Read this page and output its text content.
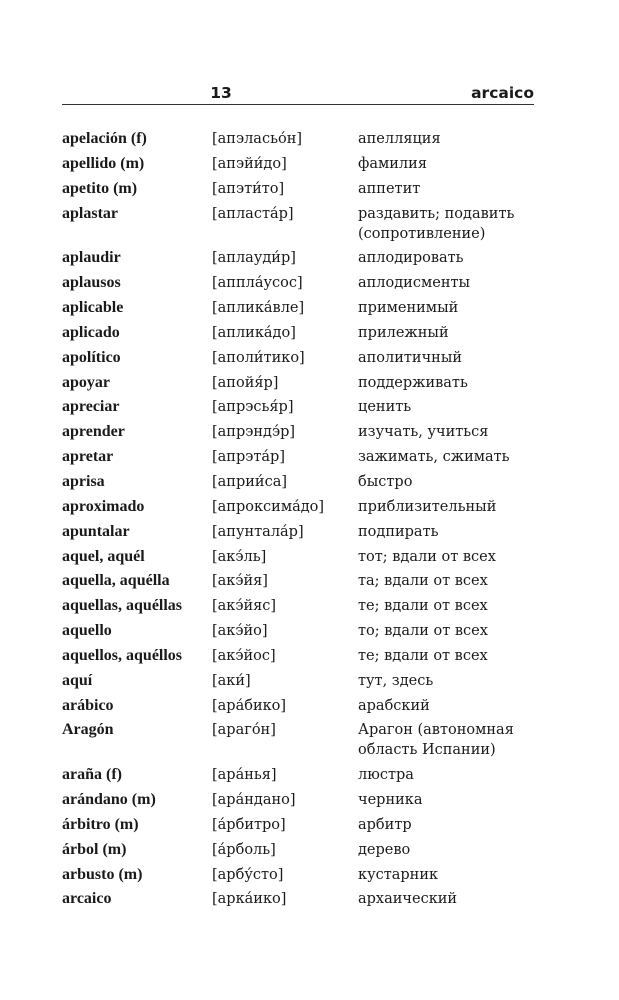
13	arcaico
apelación (f)	[апэласьо́н]	апелляция
apellido (m)	[апэйи́до]	фамилия
apetito (m)	[апэти́то]	аппетит
aplastar	[апласта́р]	раздавить; подавить (сопротивление)
aplaudir	[аплауди́р]	аплодировать
aplausos	[аппла́усос]	аплодисменты
aplicable	[аплика́вле]	применимый
aplicado	[аплика́до]	прилежный
apolítico	[аполи́тико]	аполитичный
apoyar	[апойя́р]	поддерживать
apreciar	[апрэсья́р]	ценить
aprender	[апрэндэ́р]	изучать, учиться
apretar	[апрэта́р]	зажимать, сжимать
aprisa	[априи́са]	быстро
aproximado	[апроксима́до]	приблизительный
apuntalar	[апунтала́р]	подпирать
aquel, aquél	[акэ́ль]	тот; вдали от всех
aquella, aquélla	[акэ́йя]	та; вдали от всех
aquellas, aquéllas	[акэ́йяс]	те; вдали от всех
aquello	[акэ́йо]	то; вдали от всех
aquellos, aquéllos	[акэ́йос]	те; вдали от всех
aquí	[аки́]	тут, здесь
arábico	[ара́бико]	арабский
Aragón	[араго́н]	Арагон (автономная область Испании)
araña (f)	[ара́нья]	люстра
arándano (m)	[ара́ндано]	черника
árbitro (m)	[а́рбитро]	арбитр
árbol (m)	[а́рболь]	дерево
arbusto (m)	[арбу́сто]	кустарник
arcaico	[арка́ико]	архаический
